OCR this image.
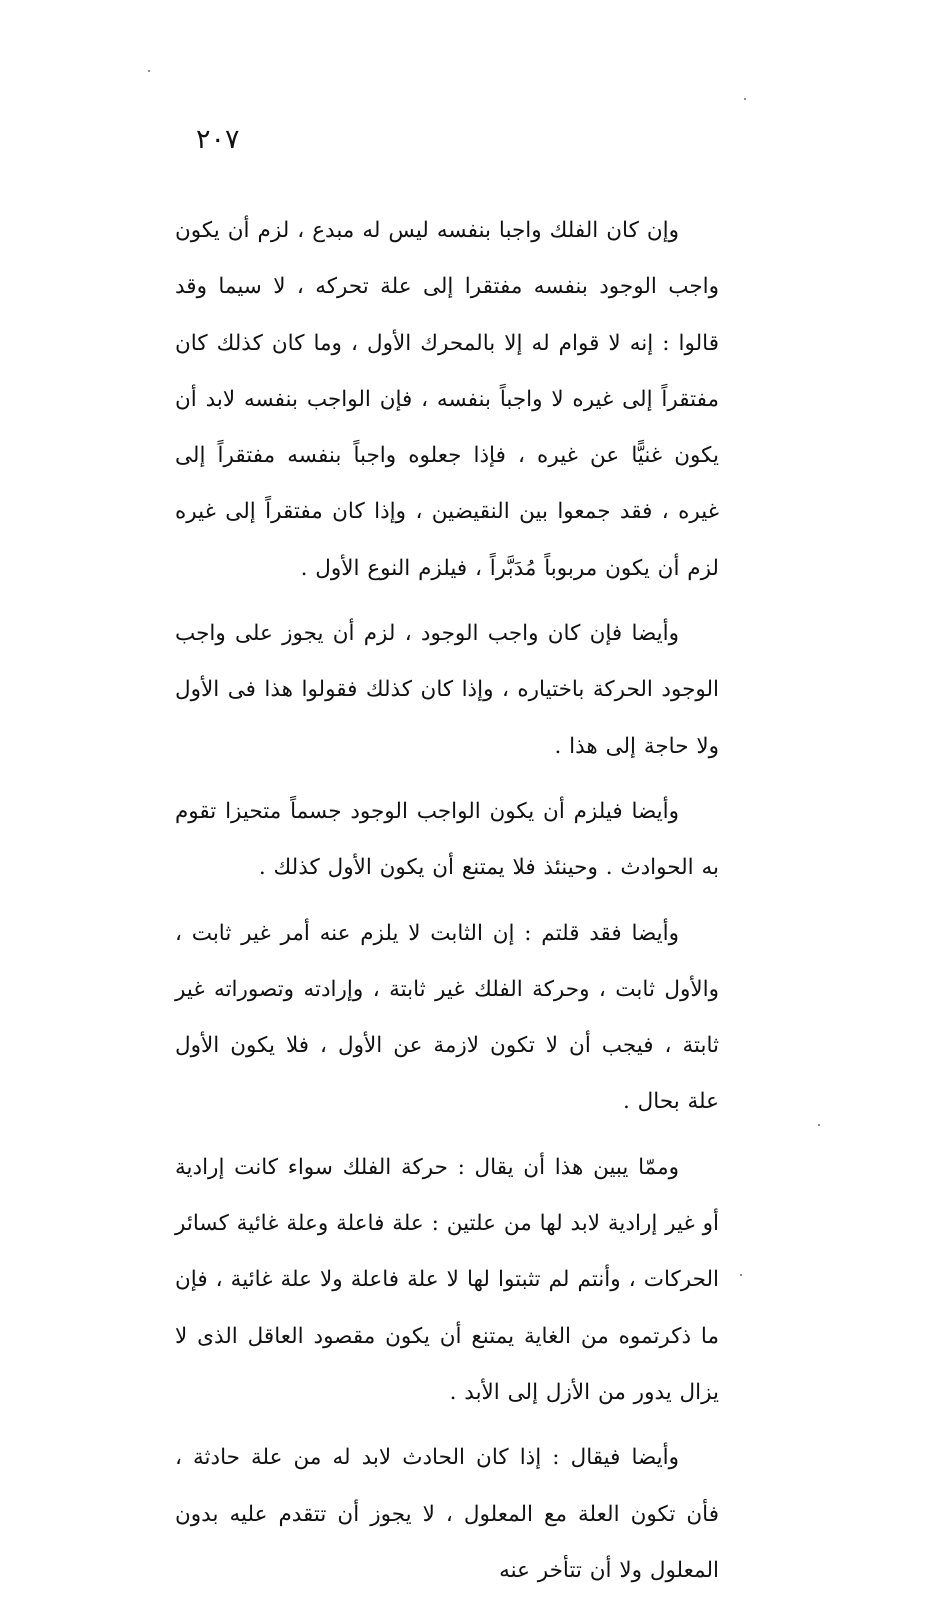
٢٠٧

وإن كان الفلك واجبا بنفسه ليس له مبدع ، لزم أن يكون واجب الوجود بنفسه مفتقرا إلى علة تحركه ، لا سيما وقد قالوا : إنه لا قوام له إلا بالمحرك الأول ، وما كان كذلك كان مفتقراً إلى غيره لا واجباً بنفسه ، فإن الواجب بنفسه لابد أن يكون غنيًّا عن غيره ، فإذا جعلوه واجباً بنفسه مفتقراً إلى غيره ، فقد جمعوا بين النقيضين ، وإذا كان مفتقراً إلى غيره لزم أن يكون مربوباً مُدَبَّراً ، فيلزم النوع الأول .

وأيضا فإن كان واجب الوجود ، لزم أن يجوز على واجب الوجود الحركة باختياره ، وإذا كان كذلك فقولوا هذا فى الأول ولا حاجة إلى هذا .

وأيضا فيلزم أن يكون الواجب الوجود جسماً متحيزا تقوم به الحوادث . وحينئذ فلا يمتنع أن يكون الأول كذلك .

وأيضا فقد قلتم : إن الثابت لا يلزم عنه أمر غير ثابت ، والأول ثابت ، وحركة الفلك غير ثابتة ، وإرادته وتصوراته غير ثابتة ، فيجب أن لا تكون لازمة عن الأول ، فلا يكون الأول علة بحال .

وممّا يبين هذا أن يقال : حركة الفلك سواء كانت إرادية أو غير إرادية لابد لها من علتين : علة فاعلة وعلة غائية كسائر الحركات ، وأنتم لم تثبتوا لها لا علة فاعلة ولا علة غائية ، فإن ما ذكرتموه من الغاية يمتنع أن يكون مقصود العاقل الذى لا يزال يدور من الأزل إلى الأبد .

وأيضا فيقال : إذا كان الحادث لابد له من علة حادثة ، فأن تكون العلة مع المعلول ، لا يجوز أن تتقدم عليه بدون المعلول ولا أن تتأخر عنه
